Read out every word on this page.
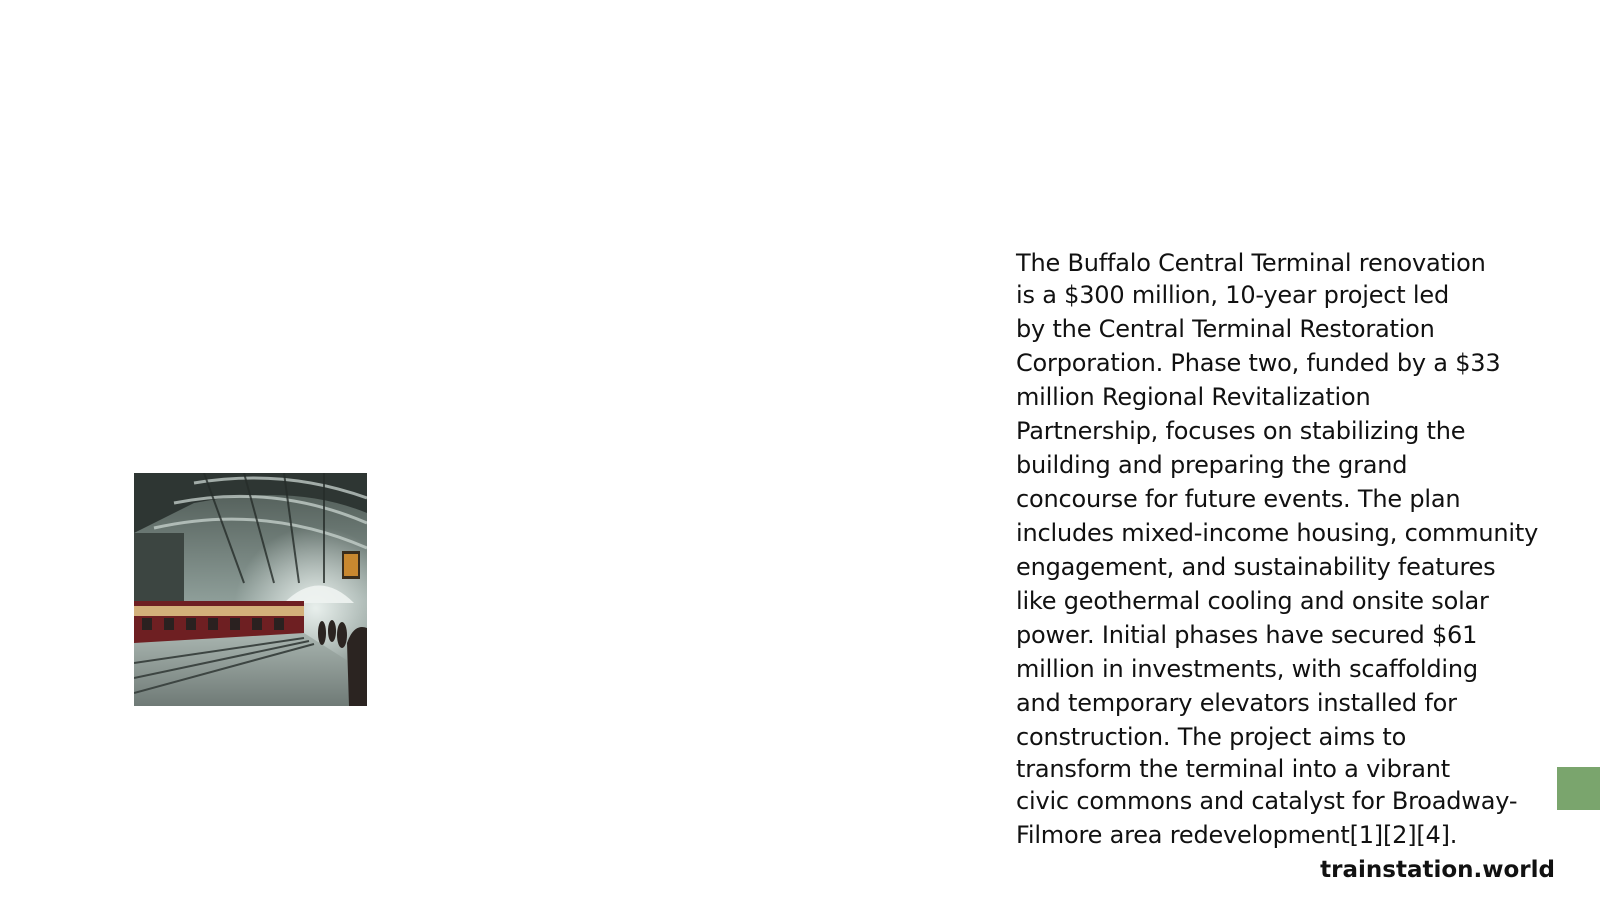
The Buffalo Central Terminal renovation
is a $300 million, 10-year project led
by the Central Terminal Restoration
Corporation. Phase two, funded by a $33
million Regional Revitalization
Partnership, focuses on stabilizing the
building and preparing the grand
concourse for future events. The plan
includes mixed-income housing, community
engagement, and sustainability features
like geothermal cooling and onsite solar
power. Initial phases have secured $61
million in investments, with scaffolding
and temporary elevators installed for
construction. The project aims to
transform the terminal into a vibrant
civic commons and catalyst for Broadway-
Filmore area redevelopment[1][2][4].
trainstation.world
